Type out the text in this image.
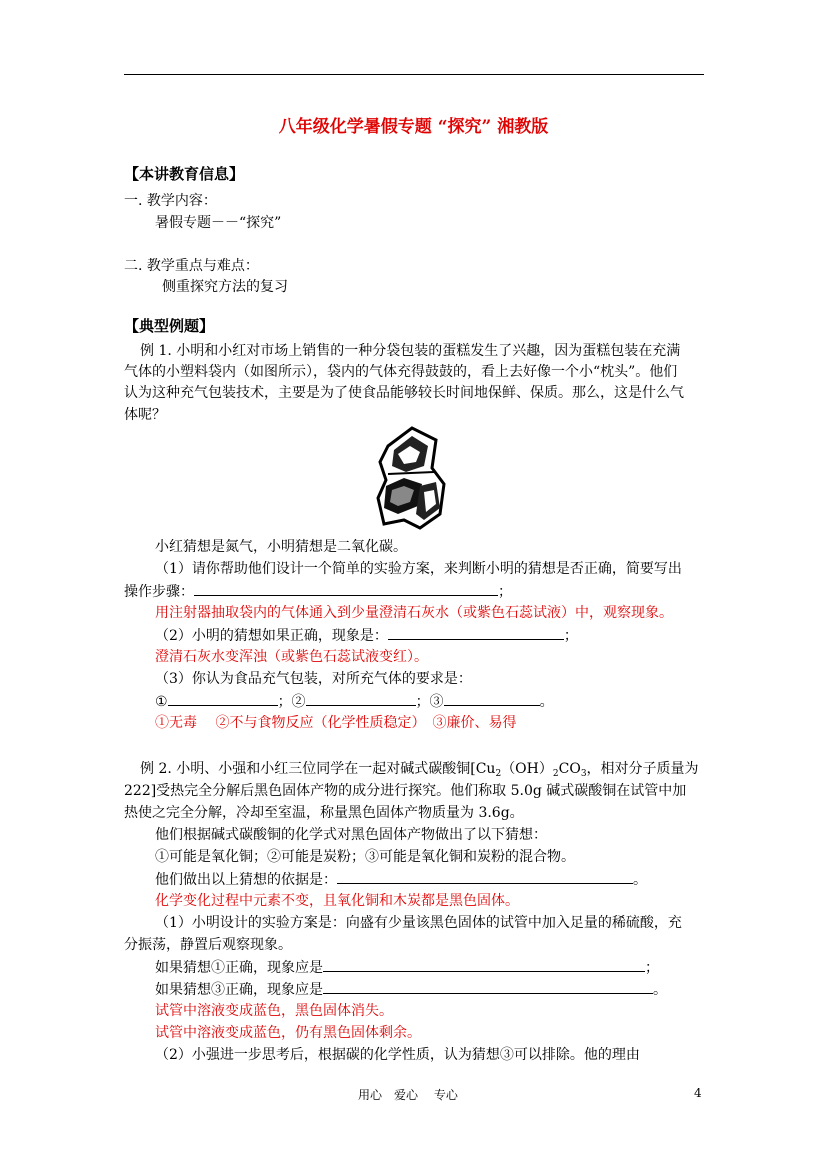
八年级化学暑假专题 “探究” 湘教版
【本讲教育信息】
一. 教学内容：
暑假专题－－“探究”
二. 教学重点与难点：
侧重探究方法的复习
【典型例题】
例 1. 小明和小红对市场上销售的一种分袋包装的蛋糕发生了兴趣，因为蛋糕包装在充满
气体的小塑料袋内（如图所示），袋内的气体充得鼓鼓的，看上去好像一个小“枕头”。他们
认为这种充气包装技术，主要是为了使食品能够较长时间地保鲜、保质。那么，这是什么气
体呢？
小红猜想是氮气，小明猜想是二氧化碳。
（1）请你帮助他们设计一个简单的实验方案，来判断小明的猜想是否正确，简要写出
操作步骤：	；
用注射器抽取袋内的气体通入到少量澄清石灰水（或紫色石蕊试液）中，观察现象。
（2）小明的猜想如果正确，现象是：	；
澄清石灰水变浑浊（或紫色石蕊试液变红）。
（3）你认为食品充气包装，对所充气体的要求是：
①	；②	；③	。
①无毒　 ②不与食物反应（化学性质稳定）　③廉价、易得
例 2. 小明、小强和小红三位同学在一起对碱式碳酸铜[$Cu_2(OH)_2CO_3$，相对分子质量为
222]受热完全分解后黑色固体产物的成分进行探究。他们称取 5.0g 碱式碳酸铜在试管中加
热使之完全分解，冷却至室温，称量黑色固体产物质量为 3.6g。
他们根据碱式碳酸铜的化学式对黑色固体产物做出了以下猜想：
①可能是氧化铜；②可能是炭粉；③可能是氧化铜和炭粉的混合物。
他们做出以上猜想的依据是：	。
化学变化过程中元素不变，且氧化铜和木炭都是黑色固体。
（1）小明设计的实验方案是：向盛有少量该黑色固体的试管中加入足量的稀硫酸，充
分振荡，静置后观察现象。
如果猜想①正确，现象应是	；
如果猜想③正确，现象应是	。
试管中溶液变成蓝色，黑色固体消失。
试管中溶液变成蓝色，仍有黑色固体剩余。
（2）小强进一步思考后，根据碳的化学性质，认为猜想③可以排除。他的理由
用心　爱心　 专心	4
